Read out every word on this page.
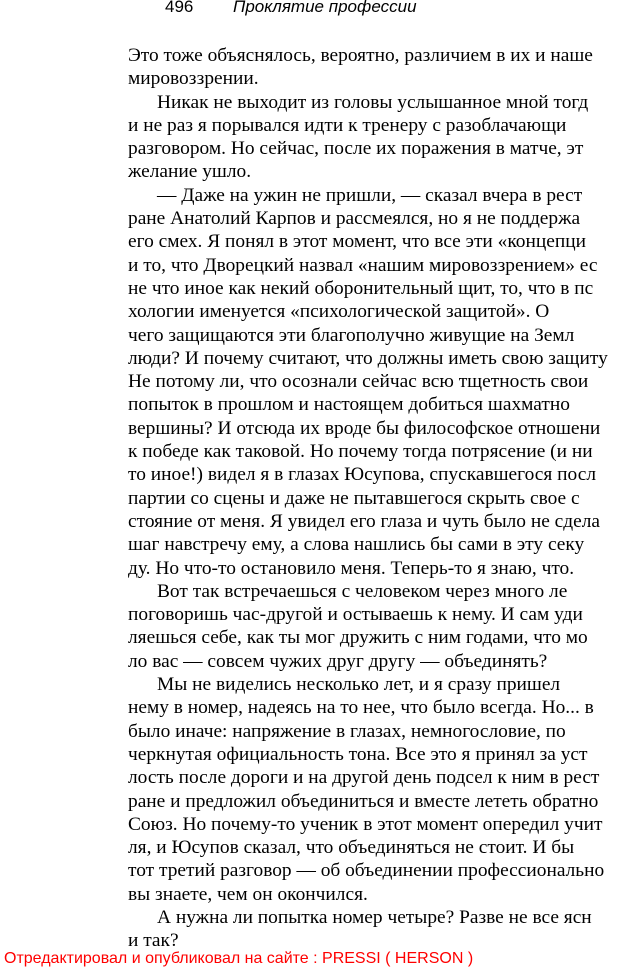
496 Проклятие профессии
Это тоже объяснялось, вероятно, различием в их и наше
мировоззрении.
Никак не выходит из головы услышанное мной тогд
и не раз я порывался идти к тренеру с разоблачающи
разговором. Но сейчас, после их поражения в матче, эт
желание ушло.
— Даже на ужин не пришли, — сказал вчера в рест
ране Анатолий Карпов и рассмеялся, но я не поддержа
его смех. Я понял в этот момент, что все эти «концепци
и то, что Дворецкий назвал «нашим мировоззрением» ес
не что иное как некий оборонительный щит, то, что в пс
хологии именуется «психологической защитой». О
чего защищаются эти благополучно живущие на Земл
люди? И почему считают, что должны иметь свою защиту
Не потому ли, что осознали сейчас всю тщетность свои
попыток в прошлом и настоящем добиться шахматно
вершины? И отсюда их вроде бы философское отношени
к победе как таковой. Но почему тогда потрясение (и ни
то иное!) видел я в глазах Юсупова, спускавшегося посл
партии со сцены и даже не пытавшегося скрыть свое с
стояние от меня. Я увидел его глаза и чуть было не сдела
шаг навстречу ему, а слова нашлись бы сами в эту секу
ду. Но что-то остановило меня. Теперь-то я знаю, что.
Вот так встречаешься с человеком через много ле
поговоришь час-другой и остываешь к нему. И сам уди
ляешься себе, как ты мог дружить с ним годами, что мо
ло вас — совсем чужих друг другу — объединять?
Мы не виделись несколько лет, и я сразу пришел
нему в номер, надеясь на то нее, что было всегда. Но... в
было иначе: напряжение в глазах, немногословие, по
черкнутая официальность тона. Все это я принял за уст
лость после дороги и на другой день подсел к ним в рест
ране и предложил объединиться и вместе лететь обратно
Союз. Но почему-то ученик в этот момент опередил учит
ля, и Юсупов сказал, что объединяться не стоит. И бы
тот третий разговор — об объединении профессионально
вы знаете, чем он окончился.
А нужна ли попытка номер четыре? Разве не все ясн
и так?
Отредактировал и опубликовал на сайте : PRESSI ( HERSON )
